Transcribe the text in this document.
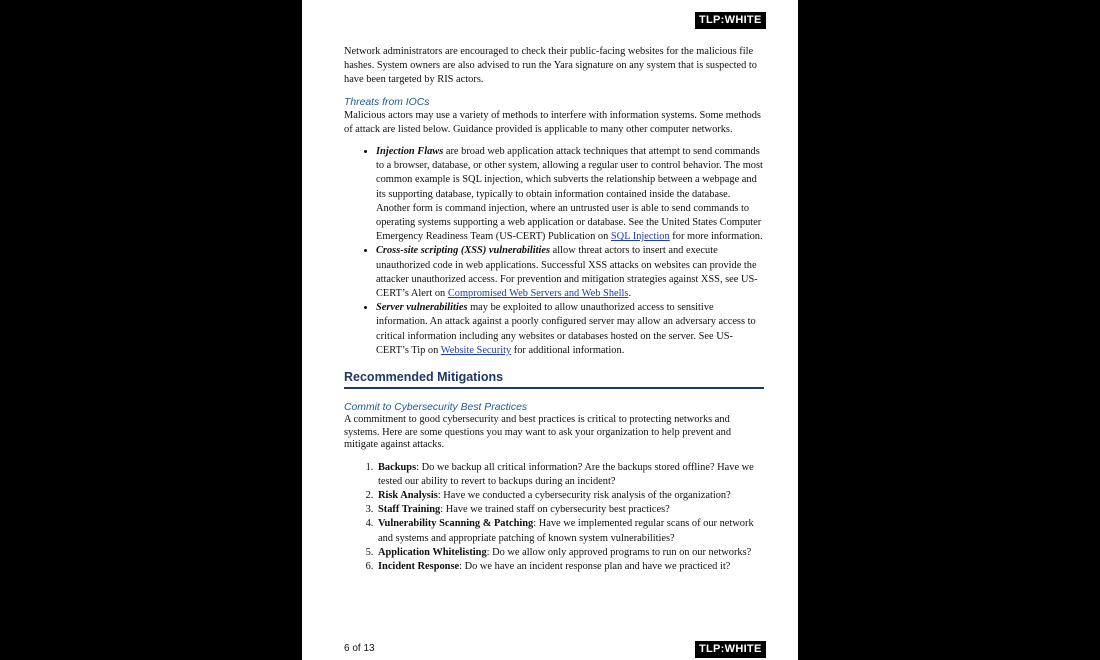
TLP:WHITE

Network administrators are encouraged to check their public-facing websites for the malicious file hashes. System owners are also advised to run the Yara signature on any system that is suspected to have been targeted by RIS actors.

Threats from IOCs

Malicious actors may use a variety of methods to interfere with information systems. Some methods of attack are listed below. Guidance provided is applicable to many other computer networks.

• Injection Flaws are broad web application attack techniques that attempt to send commands to a browser, database, or other system, allowing a regular user to control behavior. The most common example is SQL injection, which subverts the relationship between a webpage and its supporting database, typically to obtain information contained inside the database. Another form is command injection, where an untrusted user is able to send commands to operating systems supporting a web application or database. See the United States Computer Emergency Readiness Team (US-CERT) Publication on SQL Injection for more information.
• Cross-site scripting (XSS) vulnerabilities allow threat actors to insert and execute unauthorized code in web applications. Successful XSS attacks on websites can provide the attacker unauthorized access. For prevention and mitigation strategies against XSS, see US-CERT’s Alert on Compromised Web Servers and Web Shells.
• Server vulnerabilities may be exploited to allow unauthorized access to sensitive information. An attack against a poorly configured server may allow an adversary access to critical information including any websites or databases hosted on the server. See US-CERT’s Tip on Website Security for additional information.
Recommended Mitigations
Commit to Cybersecurity Best Practices

A commitment to good cybersecurity and best practices is critical to protecting networks and systems. Here are some questions you may want to ask your organization to help prevent and mitigate against attacks.

1. Backups: Do we backup all critical information? Are the backups stored offline? Have we tested our ability to revert to backups during an incident?
2. Risk Analysis: Have we conducted a cybersecurity risk analysis of the organization?
3. Staff Training: Have we trained staff on cybersecurity best practices?
4. Vulnerability Scanning & Patching: Have we implemented regular scans of our network and systems and appropriate patching of known system vulnerabilities?
5. Application Whitelisting: Do we allow only approved programs to run on our networks?
6. Incident Response: Do we have an incident response plan and have we practiced it?
6 of 13	TLP:WHITE
